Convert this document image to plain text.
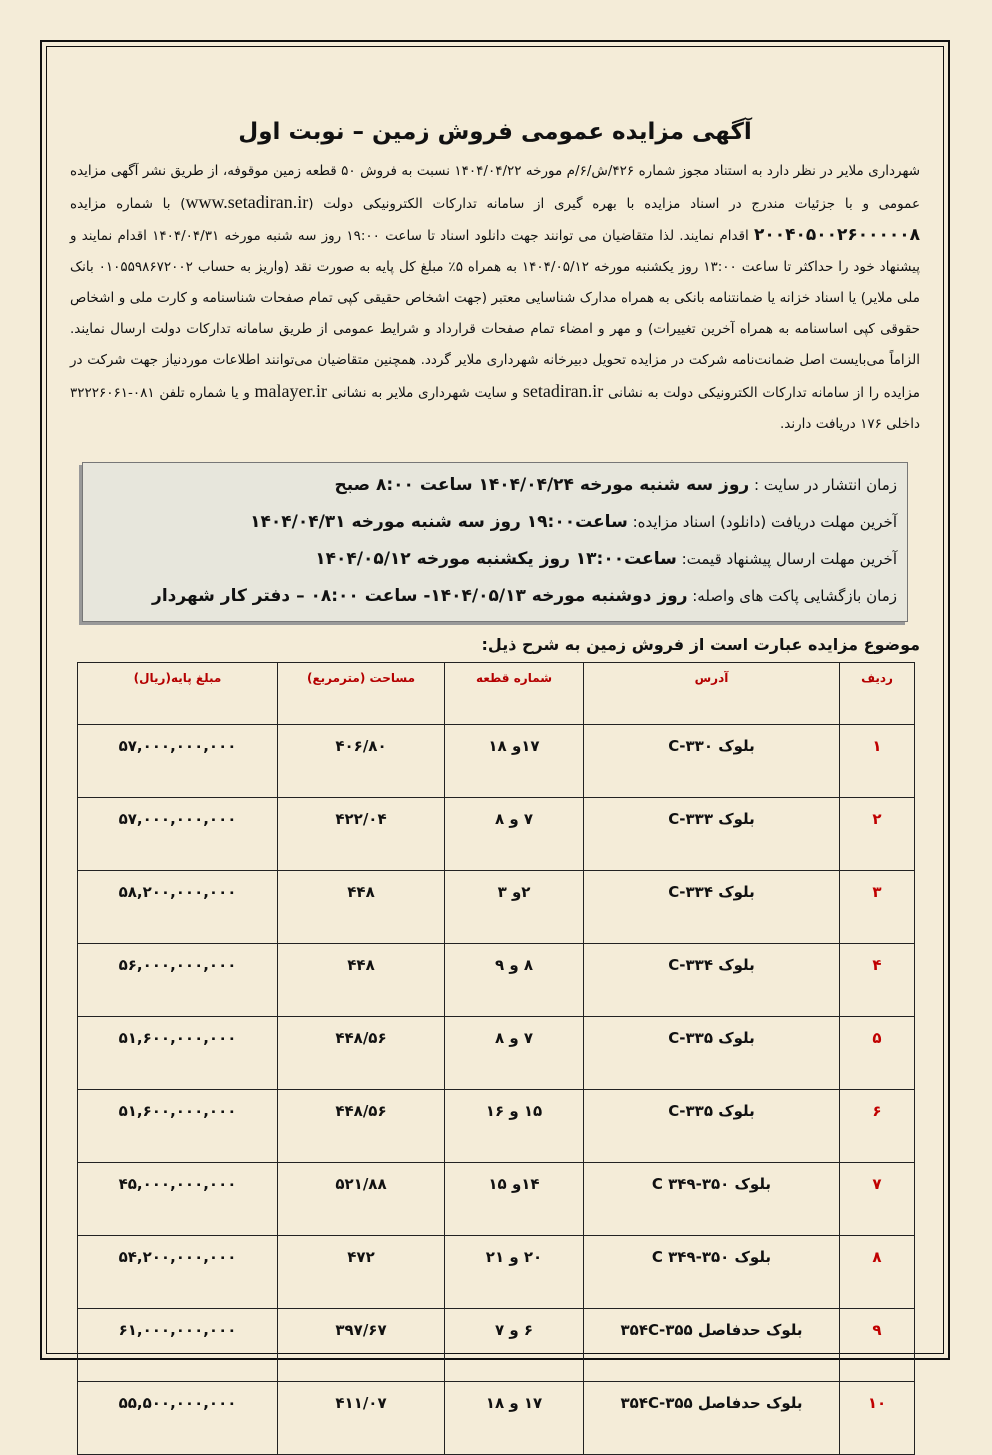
آگهی مزایده عمومی فروش زمین – نوبت اول
شهرداری ملایر در نظر دارد به استناد مجوز شماره ۴۲۶/ش/۶/م مورخه ۱۴۰۴/۰۴/۲۲ نسبت به فروش ۵۰ قطعه زمین موقوفه، از طریق نشر آگهی مزایده عمومی و با جزئیات مندرج در اسناد مزایده با بهره گیری از سامانه تدارکات الکترونیکی دولت (www.setadiran.ir) با شماره مزایده ۲۰۰۴۰۵۰۰۲۶۰۰۰۰۰۸ اقدام نمایند. لذا متقاضیان می توانند جهت دانلود اسناد تا ساعت ۱۹:۰۰ روز سه شنبه مورخه ۱۴۰۴/۰۴/۳۱ اقدام نمایند و پیشنهاد خود را حداکثر تا ساعت ۱۳:۰۰ روز یکشنبه مورخه ۱۴۰۴/۰۵/۱۲ به همراه ۵٪ مبلغ کل پایه به صورت نقد (واریز به حساب ۰۱۰۵۵۹۸۶۷۲۰۰۲ بانک ملی ملایر) یا اسناد خزانه یا ضمانتنامه بانکی به همراه مدارک شناسایی معتبر (جهت اشخاص حقیقی کپی تمام صفحات شناسنامه و کارت ملی و اشخاص حقوقی کپی اساسنامه به همراه آخرین تغییرات) و مهر و امضاء تمام صفحات قرارداد و شرایط عمومی از طریق سامانه تدارکات دولت ارسال نمایند. الزاماً می‌بایست اصل ضمانت‌نامه شرکت در مزایده تحویل دبیرخانه شهرداری ملایر گردد. همچنین متقاضیان می‌توانند اطلاعات موردنیاز جهت شرکت در مزایده را از سامانه تدارکات الکترونیکی دولت به نشانی setadiran.ir و سایت شهرداری ملایر به نشانی malayer.ir و یا شماره تلفن ۰۸۱-۳۲۲۲۶۰۶۱ داخلی ۱۷۶ دریافت دارند.
زمان انتشار در سایت : روز سه شنبه مورخه ۱۴۰۴/۰۴/۲۴ ساعت ۸:۰۰ صبح
آخرین مهلت دریافت (دانلود) اسناد مزایده: ساعت۱۹:۰۰ روز سه شنبه مورخه ۱۴۰۴/۰۴/۳۱
آخرین مهلت ارسال پیشنهاد قیمت: ساعت۱۳:۰۰ روز یکشنبه مورخه ۱۴۰۴/۰۵/۱۲
زمان بازگشایی پاکت های واصله: روز دوشنبه مورخه ۱۴۰۴/۰۵/۱۳- ساعت ۰۸:۰۰ – دفتر کار شهردار
موضوع مزایده عبارت است از فروش زمین به شرح ذیل:
ردیف	آدرس	شماره قطعه	مساحت (مترمربع)	مبلغ پایه(ریال)
۱	بلوک ۳۳۰-C	۱۷و ۱۸	۴۰۶/۸۰	۵۷,۰۰۰,۰۰۰,۰۰۰
۲	بلوک ۳۳۳-C	۷ و ۸	۴۲۲/۰۴	۵۷,۰۰۰,۰۰۰,۰۰۰
۳	بلوک ۳۳۴-C	۲و ۳	۴۴۸	۵۸,۲۰۰,۰۰۰,۰۰۰
۴	بلوک ۳۳۴-C	۸ و ۹	۴۴۸	۵۶,۰۰۰,۰۰۰,۰۰۰
۵	بلوک ۳۳۵-C	۷ و ۸	۴۴۸/۵۶	۵۱,۶۰۰,۰۰۰,۰۰۰
۶	بلوک ۳۳۵-C	۱۵ و ۱۶	۴۴۸/۵۶	۵۱,۶۰۰,۰۰۰,۰۰۰
۷	بلوک ۳۵۰-۳۴۹ C	۱۴و ۱۵	۵۲۱/۸۸	۴۵,۰۰۰,۰۰۰,۰۰۰
۸	بلوک ۳۵۰-۳۴۹ C	۲۰ و ۲۱	۴۷۲	۵۴,۲۰۰,۰۰۰,۰۰۰
۹	بلوک حدفاصل ۳۵۵-۳۵۴C	۶ و ۷	۳۹۷/۶۷	۶۱,۰۰۰,۰۰۰,۰۰۰
۱۰	بلوک حدفاصل ۳۵۵-۳۵۴C	۱۷ و ۱۸	۴۱۱/۰۷	۵۵,۵۰۰,۰۰۰,۰۰۰
